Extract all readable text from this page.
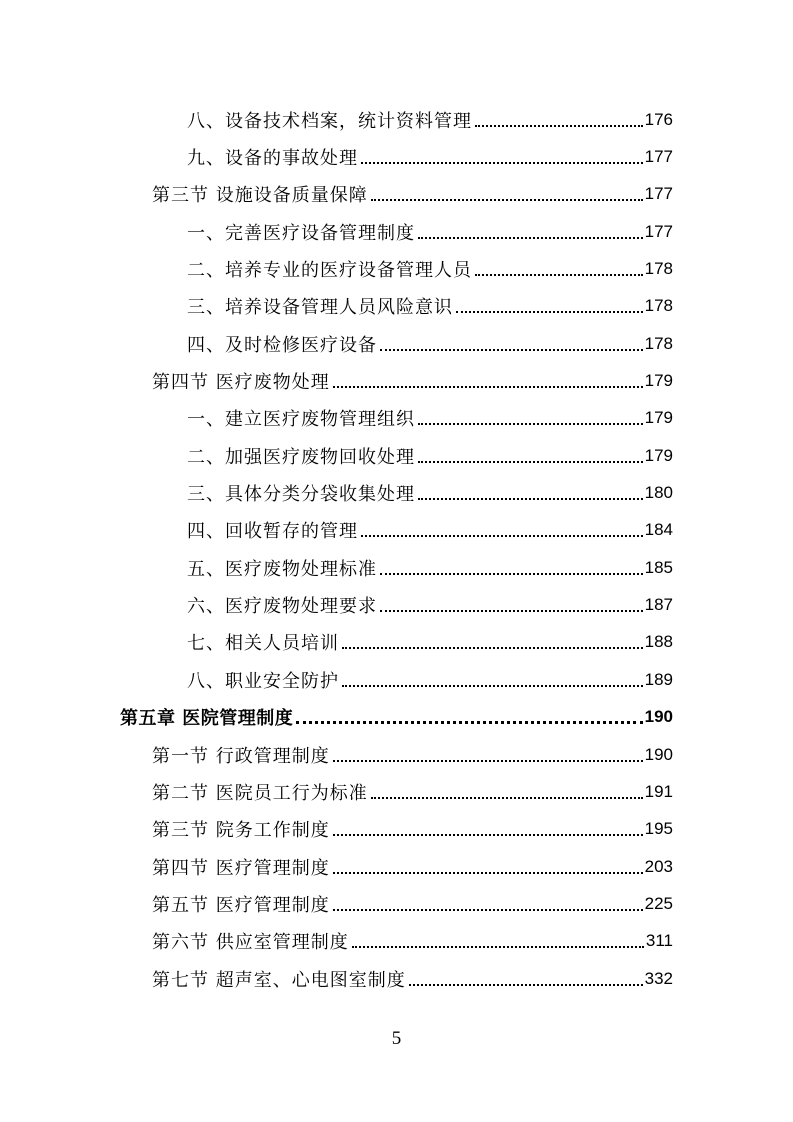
八、设备技术档案，统计资料管理	176
九、设备的事故处理	177
第三节 设施设备质量保障	177
一、完善医疗设备管理制度	177
二、培养专业的医疗设备管理人员	178
三、培养设备管理人员风险意识	178
四、及时检修医疗设备	178
第四节 医疗废物处理	179
一、建立医疗废物管理组织	179
二、加强医疗废物回收处理	179
三、具体分类分袋收集处理	180
四、回收暂存的管理	184
五、医疗废物处理标准	185
六、医疗废物处理要求	187
七、相关人员培训	188
八、职业安全防护	189
第五章 医院管理制度	190
第一节 行政管理制度	190
第二节 医院员工行为标准	191
第三节 院务工作制度	195
第四节 医疗管理制度	203
第五节 医疗管理制度	225
第六节 供应室管理制度	311
第七节 超声室、心电图室制度	332
5
